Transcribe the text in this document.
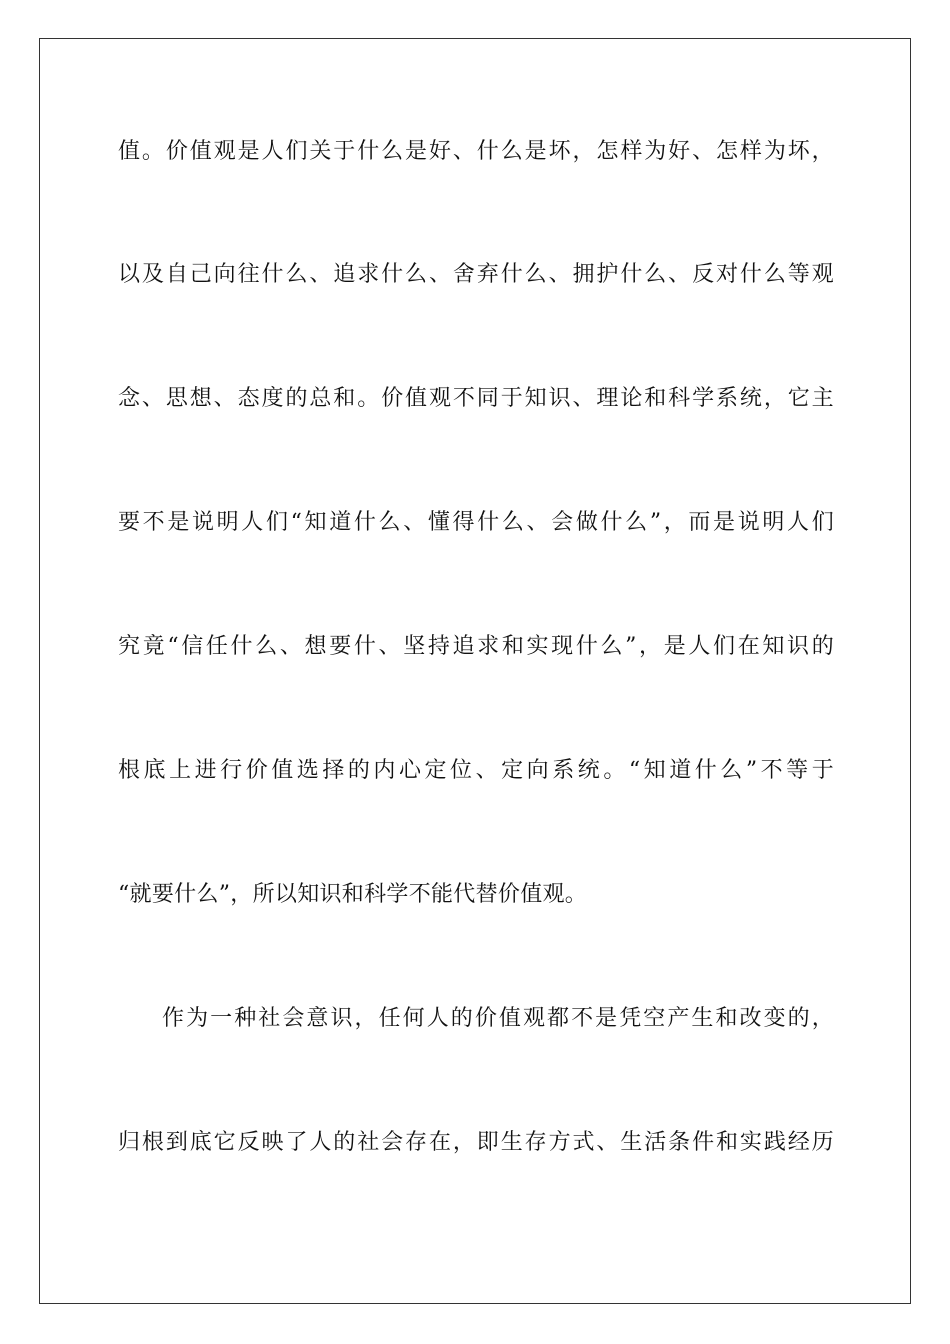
值。价值观是人们关于什么是好、什么是坏，怎样为好、怎样为坏，
以及自己向往什么、追求什么、舍弃什么、拥护什么、反对什么等观
念、思想、态度的总和。价值观不同于知识、理论和科学系统，它主
要不是说明人们“知道什么、懂得什么、会做什么”，而是说明人们
究竟“信任什么、想要什、坚持追求和实现什么”，是人们在知识的
根底上进行价值选择的内心定位、定向系统。“知道什么”不等于
“就要什么”，所以知识和科学不能代替价值观。
作为一种社会意识，任何人的价值观都不是凭空产生和改变的，
归根到底它反映了人的社会存在，即生存方式、生活条件和实践经历
